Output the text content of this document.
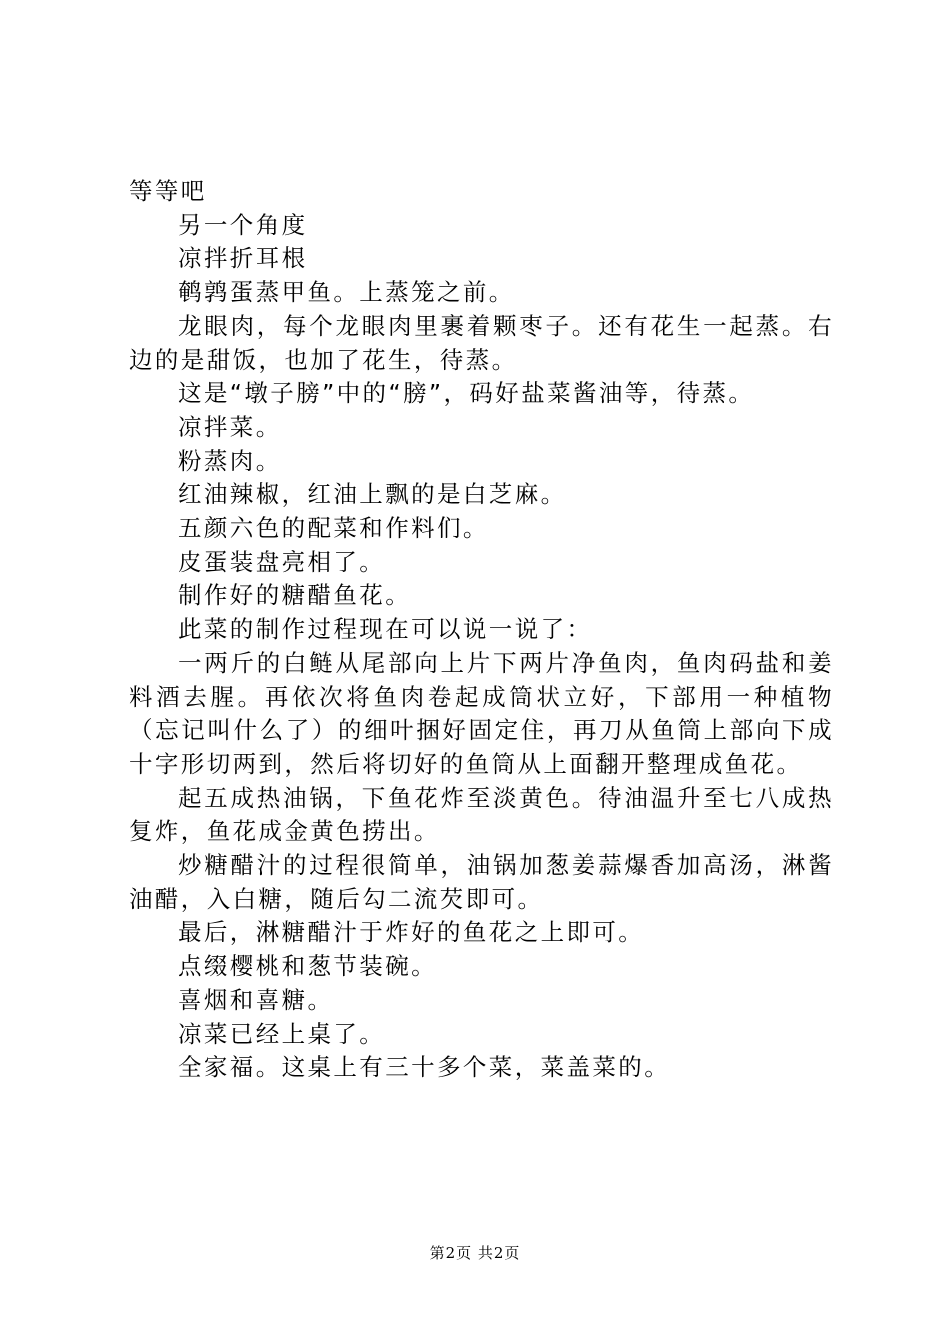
等等吧

另一个角度

凉拌折耳根

鹌鹑蛋蒸甲鱼。上蒸笼之前。

龙眼肉，每个龙眼肉里裹着颗枣子。还有花生一起蒸。右边的是甜饭，也加了花生，待蒸。

这是“墩子膀”中的“膀”，码好盐菜酱油等，待蒸。

凉拌菜。

粉蒸肉。

红油辣椒，红油上飘的是白芝麻。

五颜六色的配菜和作料们。

皮蛋装盘亮相了。

制作好的糖醋鱼花。

此菜的制作过程现在可以说一说了：

一两斤的白鲢从尾部向上片下两片净鱼肉，鱼肉码盐和姜料酒去腥。再依次将鱼肉卷起成筒状立好，下部用一种植物（忘记叫什么了）的细叶捆好固定住，再刀从鱼筒上部向下成十字形切两到，然后将切好的鱼筒从上面翻开整理成鱼花。

起五成热油锅，下鱼花炸至淡黄色。待油温升至七八成热复炸，鱼花成金黄色捞出。

炒糖醋汁的过程很简单，油锅加葱姜蒜爆香加高汤，淋酱油醋，入白糖，随后勾二流芡即可。

最后，淋糖醋汁于炸好的鱼花之上即可。

点缀樱桃和葱节装碗。

喜烟和喜糖。

凉菜已经上桌了。

全家福。这桌上有三十多个菜，菜盖菜的。

第2页 共2页
